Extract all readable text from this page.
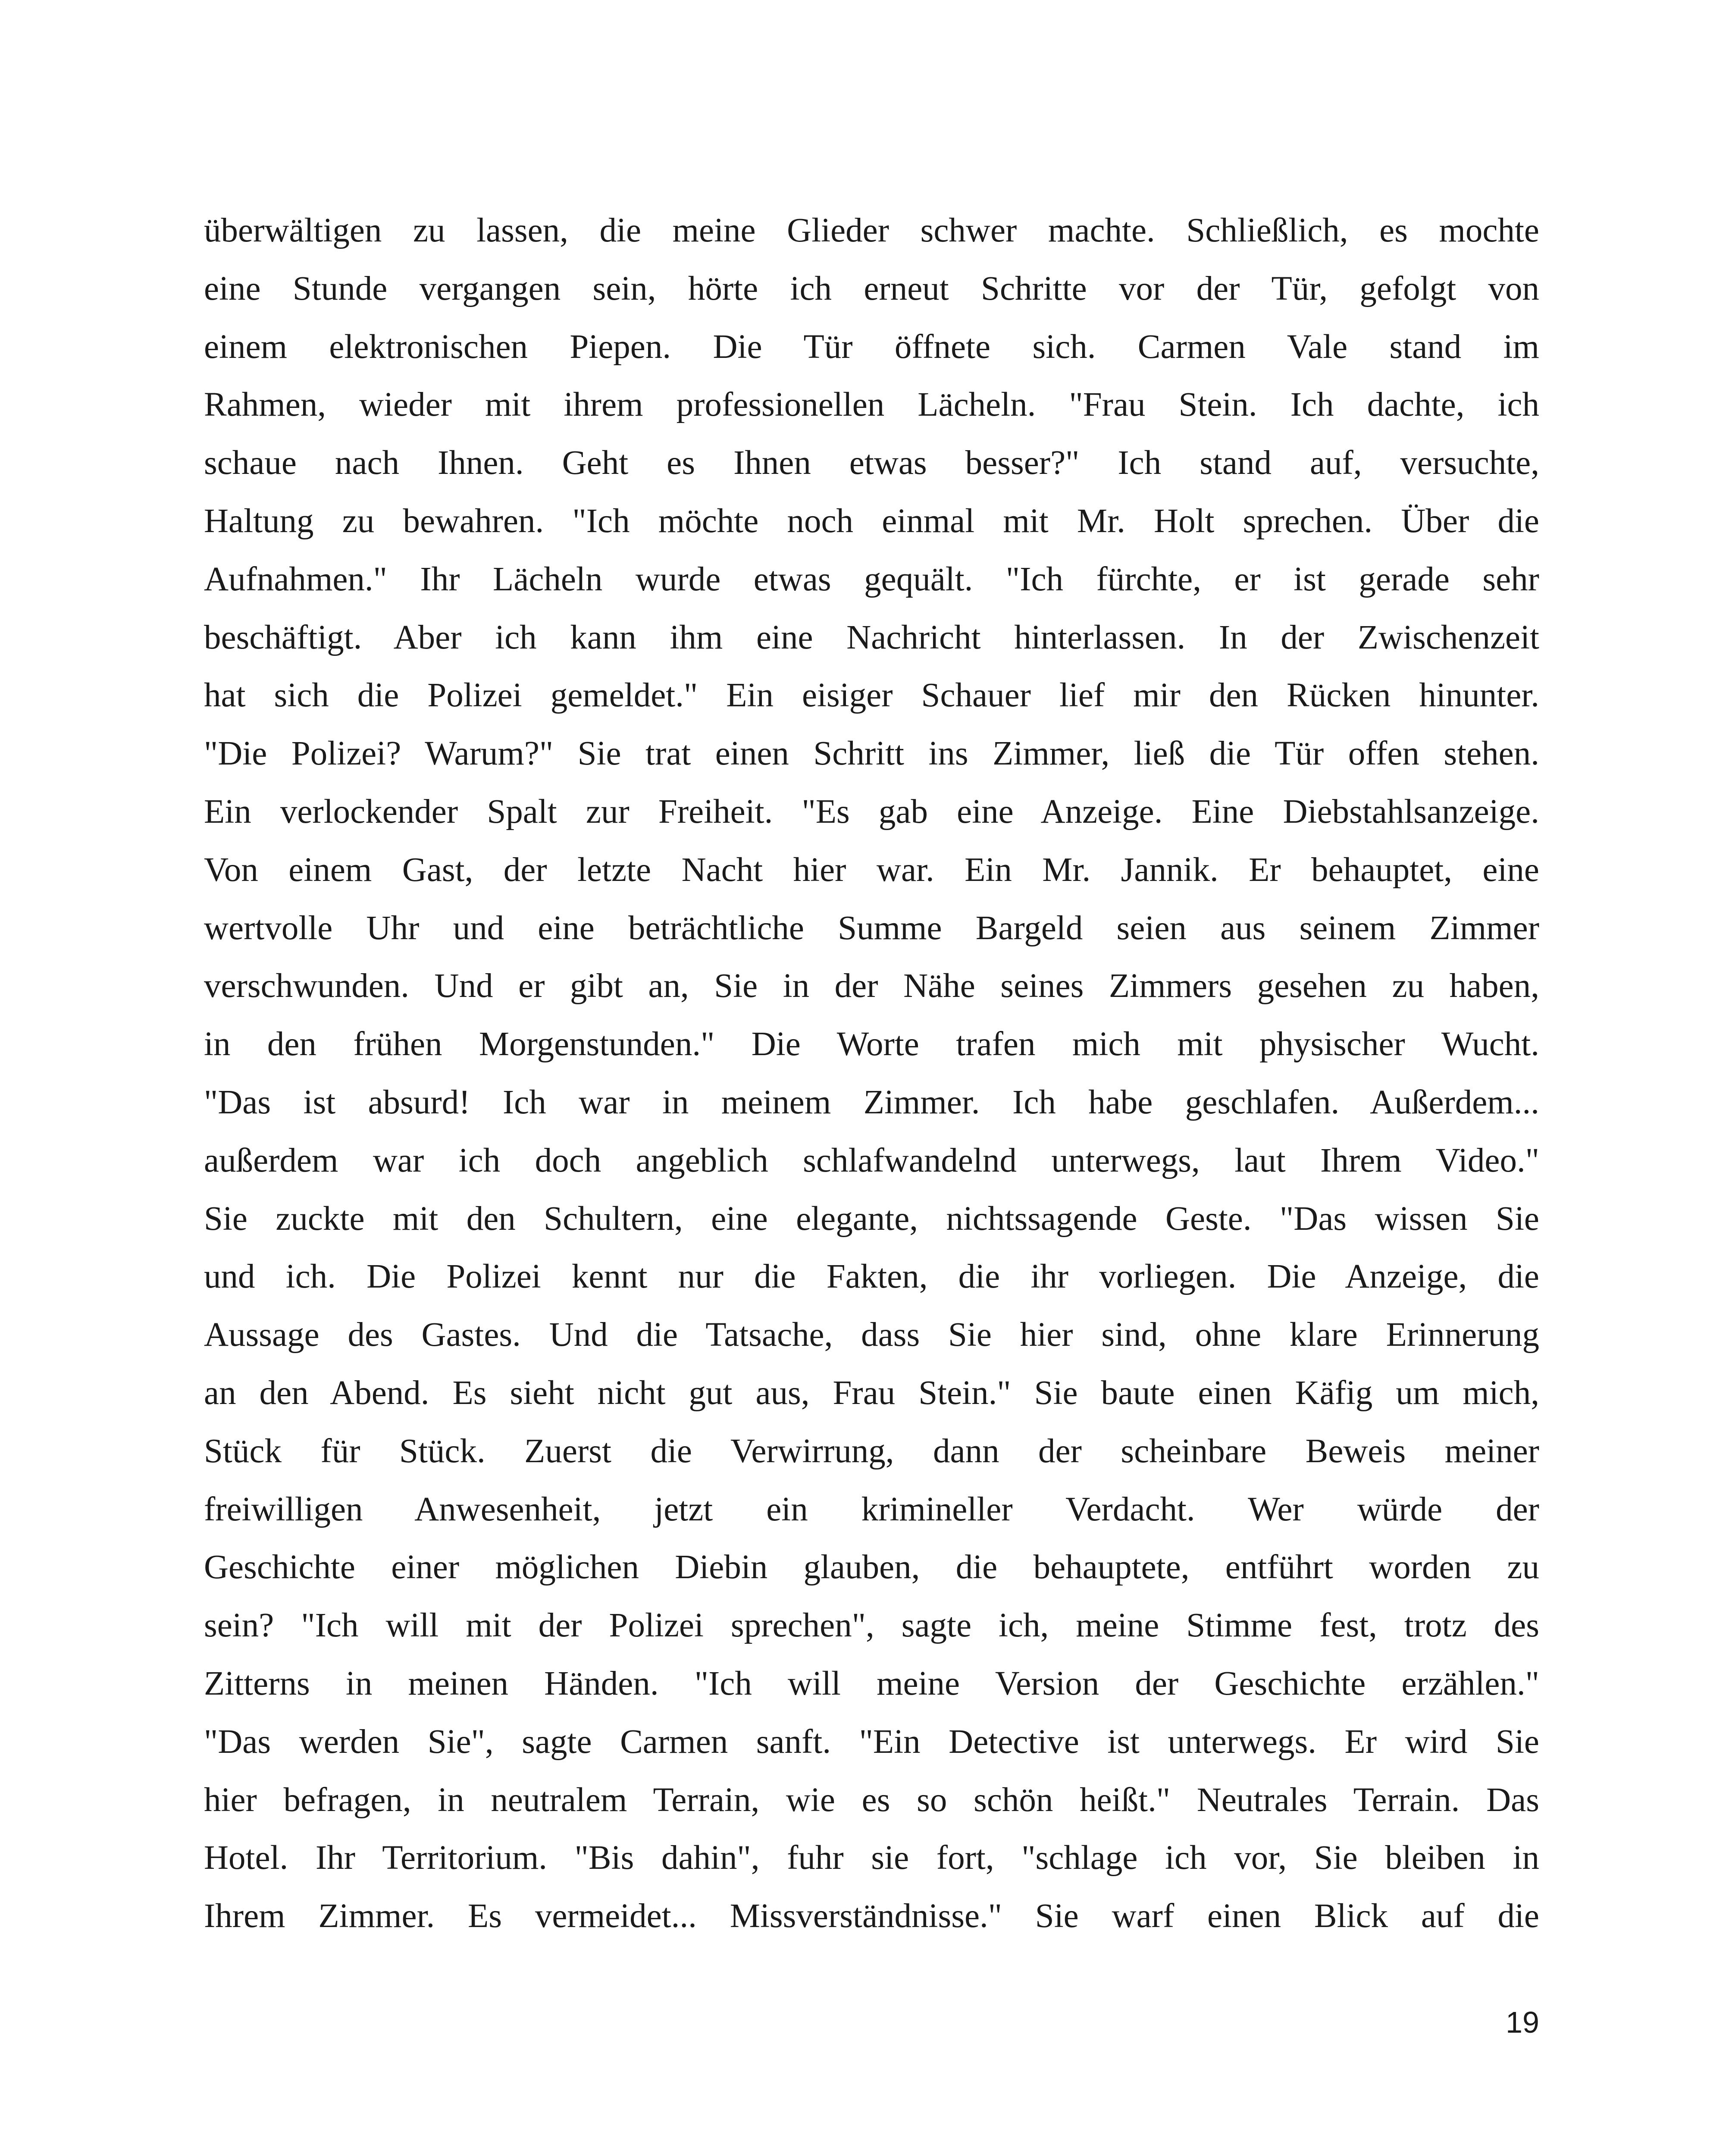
überwältigen zu lassen, die meine Glieder schwer machte. Schließlich, es mochte
eine Stunde vergangen sein, hörte ich erneut Schritte vor der Tür, gefolgt von
einem elektronischen Piepen. Die Tür öffnete sich. Carmen Vale stand im
Rahmen, wieder mit ihrem professionellen Lächeln. "Frau Stein. Ich dachte, ich
schaue nach Ihnen. Geht es Ihnen etwas besser?" Ich stand auf, versuchte,
Haltung zu bewahren. "Ich möchte noch einmal mit Mr. Holt sprechen. Über die
Aufnahmen." Ihr Lächeln wurde etwas gequält. "Ich fürchte, er ist gerade sehr
beschäftigt. Aber ich kann ihm eine Nachricht hinterlassen. In der Zwischenzeit
hat sich die Polizei gemeldet." Ein eisiger Schauer lief mir den Rücken hinunter.
"Die Polizei? Warum?" Sie trat einen Schritt ins Zimmer, ließ die Tür offen stehen.
Ein verlockender Spalt zur Freiheit. "Es gab eine Anzeige. Eine Diebstahlsanzeige.
Von einem Gast, der letzte Nacht hier war. Ein Mr. Jannik. Er behauptet, eine
wertvolle Uhr und eine beträchtliche Summe Bargeld seien aus seinem Zimmer
verschwunden. Und er gibt an, Sie in der Nähe seines Zimmers gesehen zu haben,
in den frühen Morgenstunden." Die Worte trafen mich mit physischer Wucht.
"Das ist absurd! Ich war in meinem Zimmer. Ich habe geschlafen. Außerdem...
außerdem war ich doch angeblich schlafwandelnd unterwegs, laut Ihrem Video."
Sie zuckte mit den Schultern, eine elegante, nichtssagende Geste. "Das wissen Sie
und ich. Die Polizei kennt nur die Fakten, die ihr vorliegen. Die Anzeige, die
Aussage des Gastes. Und die Tatsache, dass Sie hier sind, ohne klare Erinnerung
an den Abend. Es sieht nicht gut aus, Frau Stein." Sie baute einen Käfig um mich,
Stück für Stück. Zuerst die Verwirrung, dann der scheinbare Beweis meiner
freiwilligen Anwesenheit, jetzt ein krimineller Verdacht. Wer würde der
Geschichte einer möglichen Diebin glauben, die behauptete, entführt worden zu
sein? "Ich will mit der Polizei sprechen", sagte ich, meine Stimme fest, trotz des
Zitterns in meinen Händen. "Ich will meine Version der Geschichte erzählen."
"Das werden Sie", sagte Carmen sanft. "Ein Detective ist unterwegs. Er wird Sie
hier befragen, in neutralem Terrain, wie es so schön heißt." Neutrales Terrain. Das
Hotel. Ihr Territorium. "Bis dahin", fuhr sie fort, "schlage ich vor, Sie bleiben in
Ihrem Zimmer. Es vermeidet... Missverständnisse." Sie warf einen Blick auf die
19
